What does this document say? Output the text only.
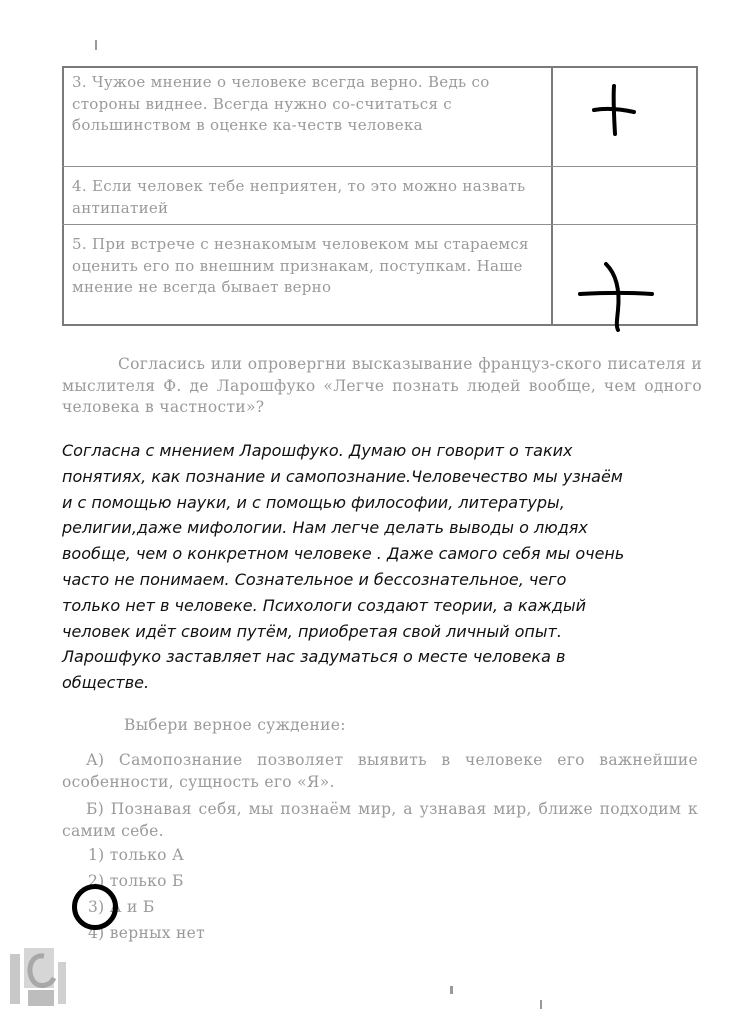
3. Чужое мнение о человеке всегда верно. Ведь со стороны виднее. Всегда нужно со-считаться с большинством в оценке ка-честв человека
4. Если человек тебе неприятен, то это можно назвать антипатией
5. При встрече с незнакомым человеком мы стараемся оценить его по внешним признакам, поступкам. Наше мнение не всегда бывает верно
Согласись или опровергни высказывание француз-ского писателя и мыслителя Ф. де Ларошфуко «Легче познать людей вообще, чем одного человека в частности»?
Согласна с мнением Ларошфуко. Думаю он говорит о таких
понятиях, как познание и самопознание.Человечество мы узнаём
и с помощью науки, и с помощью философии, литературы,
религии,даже мифологии. Нам легче делать выводы о людях
вообще, чем о конкретном человеке . Даже самого себя мы очень
часто не понимаем. Сознательное и бессознательное, чего
только нет в человеке. Психологи создают теории, а каждый
человек идёт своим путём, приобретая свой личный опыт.
Ларошфуко заставляет нас задуматься о месте человека в
обществе.
Выбери верное суждение:
А) Самопознание позволяет выявить в человеке его важнейшие особенности, сущность его «Я».
Б) Познавая себя, мы познаём мир, а узнавая мир, ближе подходим к самим себе.
1) только А
2) только Б
3) А и Б
4) верных нет
